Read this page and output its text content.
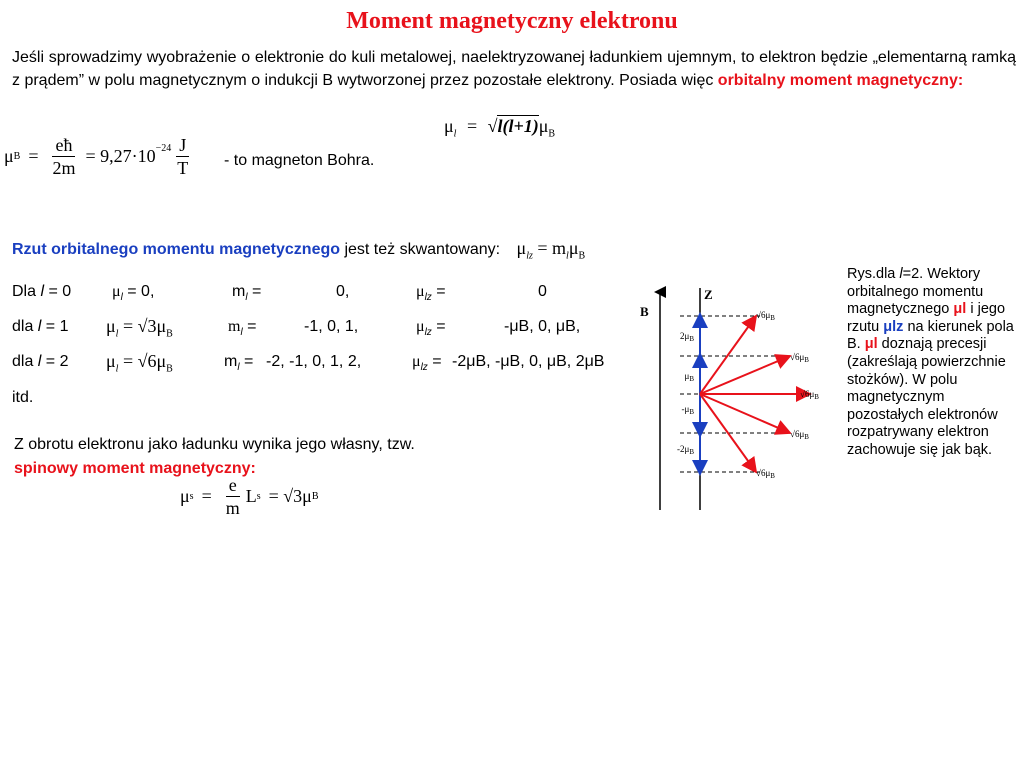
Moment magnetyczny elektronu
Jeśli sprowadzimy wyobrażenie o elektronie do kuli metalowej, naelektryzowanej ładunkiem ujemnym, to elektron będzie „elementarną ramką z prądem” w polu magnetycznym o indukcji B wytworzonej przez pozostałe elektrony. Posiada więc orbitalny moment magnetyczny:
$\mu_l = √l(l+1)\mu_B$
μ $B = \frac{eħ}{2m} = 9,27\cdot 10^{-24} \frac{J}{T}$ - to magneton Bohra.
Rzut orbitalnego momentu magnetycznego jest też skwantowany: $\mu_{lz} = m_l\mu_B$
Dla l = 0	$\mu_l = 0$,	$m_l$ =	0,	$\mu_{lz}$ =	0
dla l = 1 $\mu_l = √3\mu_B$	$m_l$ =	-1, 0, 1,	$\mu_{lz}$ =	-μB, 0, μB,
dla l = 2 $\mu_l = √6\mu_B$	$m_l = -2$, -1, 0, 1, 2,	$\mu_{lz} = -2\mu B$, -μB, 0, μB, 2μB
itd.
Z obrotu elektronu jako ładunku wynika jego własny, tzw.
spinowy moment magnetyczny:
μ $s = \frac{e}{m}$ L s = √3μ B
B
Z
$√6\mu_B$
$√6\mu_B$
$√6\mu_B$
$√6\mu_B$
$√6\mu_B$
$2\mu_B$
$\mu_B$
$-\mu_B$
$-2\mu_B$
Rys.dla l=2. Wektory orbitalnego momentu magnetycznego μl i jego rzutu μlz na kierunek pola B. μl doznają precesji (zakreślają powierzchnie stożków). W polu magnetycznym pozostałych elektronów rozpatrywany elektron zachowuje się jak bąk.
